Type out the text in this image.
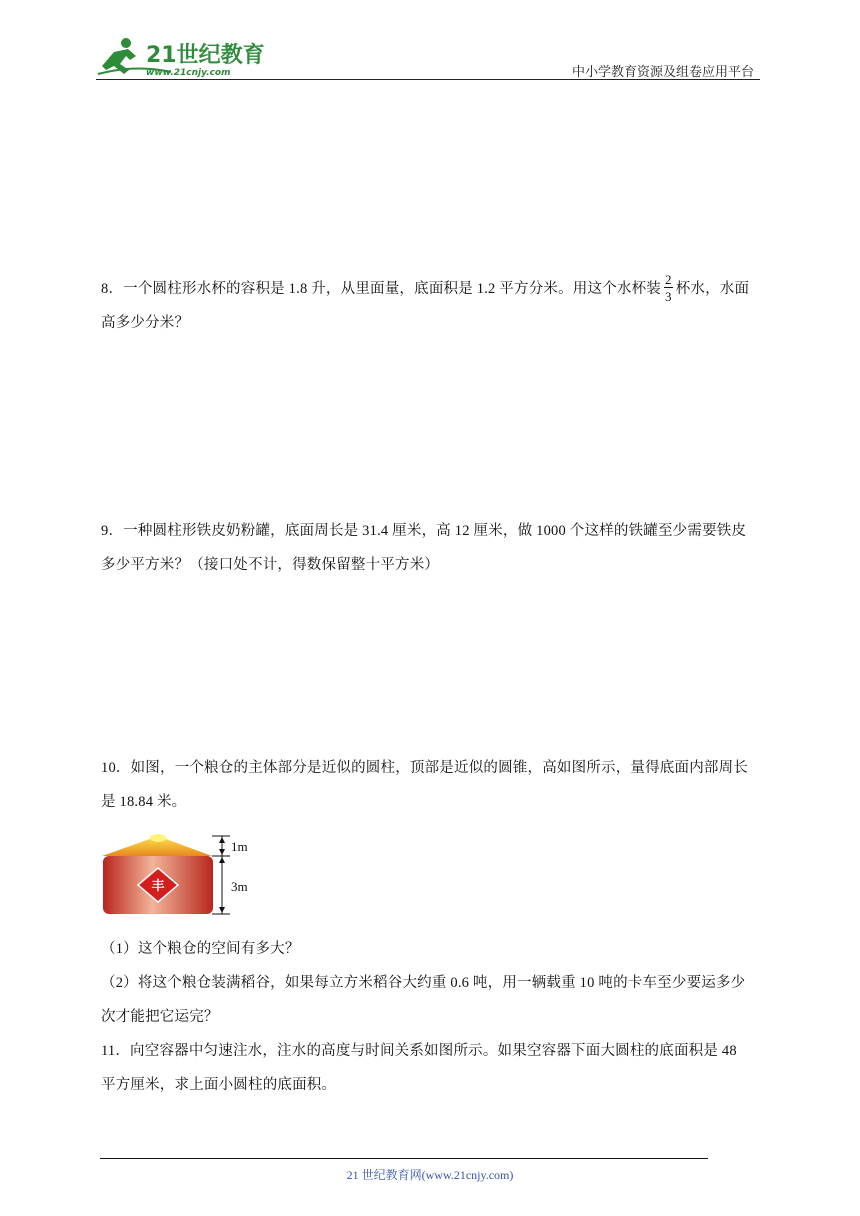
21世纪教育
www.21cnjy.com	中小学教育资源及组卷应用平台
8．一个圆柱形水杯的容积是 1.8 升，从里面量，底面积是 1.2 平方分米。用这个水杯装 $\frac{2}{3}$ 杯水，水面
高多少分米？
9．一种圆柱形铁皮奶粉罐，底面周长是 31.4 厘米，高 12 厘米，做 1000 个这样的铁罐至少需要铁皮
多少平方米？（接口处不计，得数保留整十平方米）
10．如图，一个粮仓的主体部分是近似的圆柱，顶部是近似的圆锥，高如图所示，量得底面内部周长
是 18.84 米。
丰
1m
3m
（1）这个粮仓的空间有多大？
（2）将这个粮仓装满稻谷，如果每立方米稻谷大约重 0.6 吨，用一辆载重 10 吨的卡车至少要运多少
次才能把它运完？
11．向空容器中匀速注水，注水的高度与时间关系如图所示。如果空容器下面大圆柱的底面积是 48
平方厘米，求上面小圆柱的底面积。
21 世纪教育网(www.21cnjy.com)
